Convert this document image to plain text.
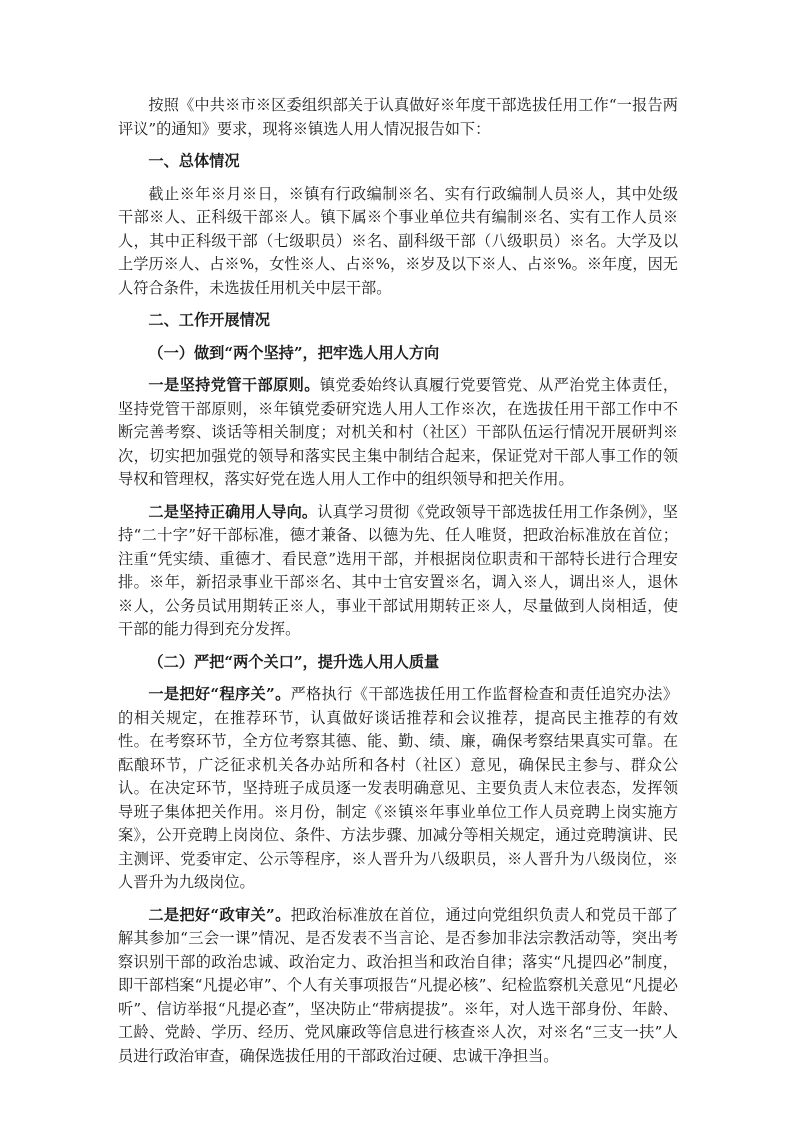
按照《中共※市※区委组织部关于认真做好※年度干部选拔任用工作“一报告两评议”的通知》要求，现将※镇选人用人情况报告如下：

一、总体情况

截止※年※月※日，※镇有行政编制※名、实有行政编制人员※人，其中处级干部※人、正科级干部※人。镇下属※个事业单位共有编制※名、实有工作人员※人，其中正科级干部（七级职员）※名、副科级干部（八级职员）※名。大学及以上学历※人、占※%，女性※人、占※%，※岁及以下※人、占※%。※年度，因无人符合条件，未选拔任用机关中层干部。

二、工作开展情况
（一）做到“两个坚持”，把牢选人用人方向

一是坚持党管干部原则。镇党委始终认真履行党要管党、从严治党主体责任，坚持党管干部原则，※年镇党委研究选人用人工作※次，在选拔任用干部工作中不断完善考察、谈话等相关制度；对机关和村（社区）干部队伍运行情况开展研判※次，切实把加强党的领导和落实民主集中制结合起来，保证党对干部人事工作的领导权和管理权，落实好党在选人用人工作中的组织领导和把关作用。

二是坚持正确用人导向。认真学习贯彻《党政领导干部选拔任用工作条例》，坚持“二十字”好干部标准，德才兼备、以德为先、任人唯贤，把政治标准放在首位；注重“凭实绩、重德才、看民意”选用干部，并根据岗位职责和干部特长进行合理安排。※年，新招录事业干部※名、其中士官安置※名，调入※人，调出※人，退休※人，公务员试用期转正※人，事业干部试用期转正※人，尽量做到人岗相适，使干部的能力得到充分发挥。

（二）严把“两个关口”，提升选人用人质量

一是把好“程序关”。严格执行《干部选拔任用工作监督检查和责任追究办法》的相关规定，在推荐环节，认真做好谈话推荐和会议推荐，提高民主推荐的有效性。在考察环节，全方位考察其德、能、勤、绩、廉，确保考察结果真实可靠。在酝酿环节，广泛征求机关各办站所和各村（社区）意见，确保民主参与、群众公认。在决定环节，坚持班子成员逐一发表明确意见、主要负责人末位表态，发挥领导班子集体把关作用。※月份，制定《※镇※年事业单位工作人员竞聘上岗实施方案》，公开竞聘上岗岗位、条件、方法步骤、加减分等相关规定，通过竞聘演讲、民主测评、党委审定、公示等程序，※人晋升为八级职员，※人晋升为八级岗位，※人晋升为九级岗位。

二是把好“政审关”。把政治标准放在首位，通过向党组织负责人和党员干部了解其参加“三会一课”情况、是否发表不当言论、是否参加非法宗教活动等，突出考察识别干部的政治忠诚、政治定力、政治担当和政治自律；落实“凡提四必”制度，即干部档案“凡提必审”、个人有关事项报告“凡提必核”、纪检监察机关意见“凡提必听”、信访举报“凡提必查”，坚决防止“带病提拔”。※年，对人选干部身份、年龄、工龄、党龄、学历、经历、党风廉政等信息进行核查※人次，对※名“三支一扶”人员进行政治审查，确保选拔任用的干部政治过硬、忠诚干净担当。
